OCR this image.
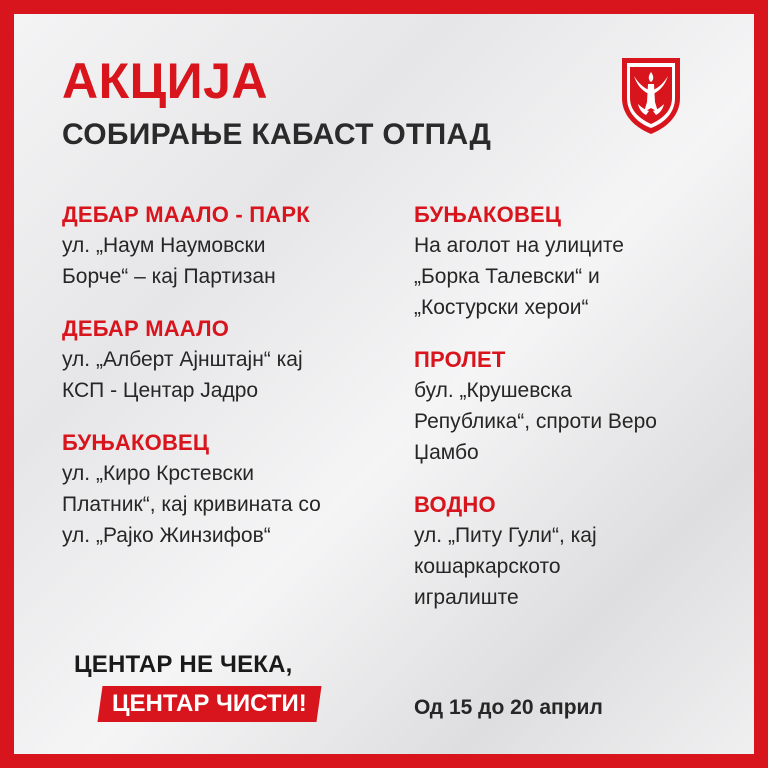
АКЦИЈА
СОБИРАЊЕ КАБАСТ ОТПАД
ДЕБАР МААЛО - ПАРК
ул. „Наум Наумовски
Борче“ – кај Партизан
ДЕБАР МААЛО
ул. „Алберт Ајнштајн“ кај
КСП - Центар Јадро
БУЊАКОВЕЦ
ул. „Киро Крстевски
Платник“, кај кривината со
ул. „Рајко Жинзифов“
БУЊАКОВЕЦ
На аголот на улиците
„Борка Талевски“ и
„Костурски херои“
ПРОЛЕТ
бул. „Крушевска
Република“, спроти Веро
Џамбо
ВОДНО
ул. „Питу Гули“, кај
кошаркарското
игралиште
ЦЕНТАР НЕ ЧЕКА,
ЦЕНТАР ЧИСТИ!	Од 15 до 20 април
